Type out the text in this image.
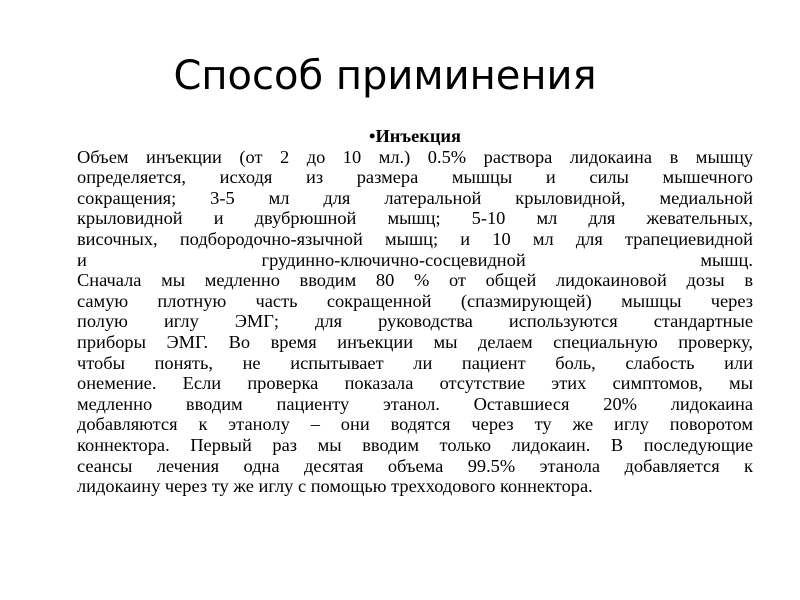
Способ приминения

•Инъекция

Объем инъекции (от 2 до 10 мл.) 0.5% раствора лидокаина в мышцу
определяется, исходя из размера мышцы и силы мышечного
сокращения; 3-5 мл для латеральной крыловидной, медиальной
крыловидной и двубрюшной мышц; 5-10 мл для жевательных,
височных, подбородочно-язычной мышц; и 10 мл для трапециевидной
и грудинно-ключично-сосцевидной мышц.
Сначала мы медленно вводим 80 % от общей лидокаиновой дозы в
самую плотную часть сокращенной (спазмирующей) мышцы через
полую иглу ЭМГ; для руководства используются стандартные
приборы ЭМГ. Во время инъекции мы делаем специальную проверку,
чтобы понять, не испытывает ли пациент боль, слабость или
онемение. Если проверка показала отсутствие этих симптомов, мы
медленно вводим пациенту этанол. Оставшиеся 20% лидокаина
добавляются к этанолу – они водятся через ту же иглу поворотом
коннектора. Первый раз мы вводим только лидокаин. В последующие
сеансы лечения одна десятая объема 99.5% этанола добавляется к
лидокаину через ту же иглу с помощью трехходового коннектора.
